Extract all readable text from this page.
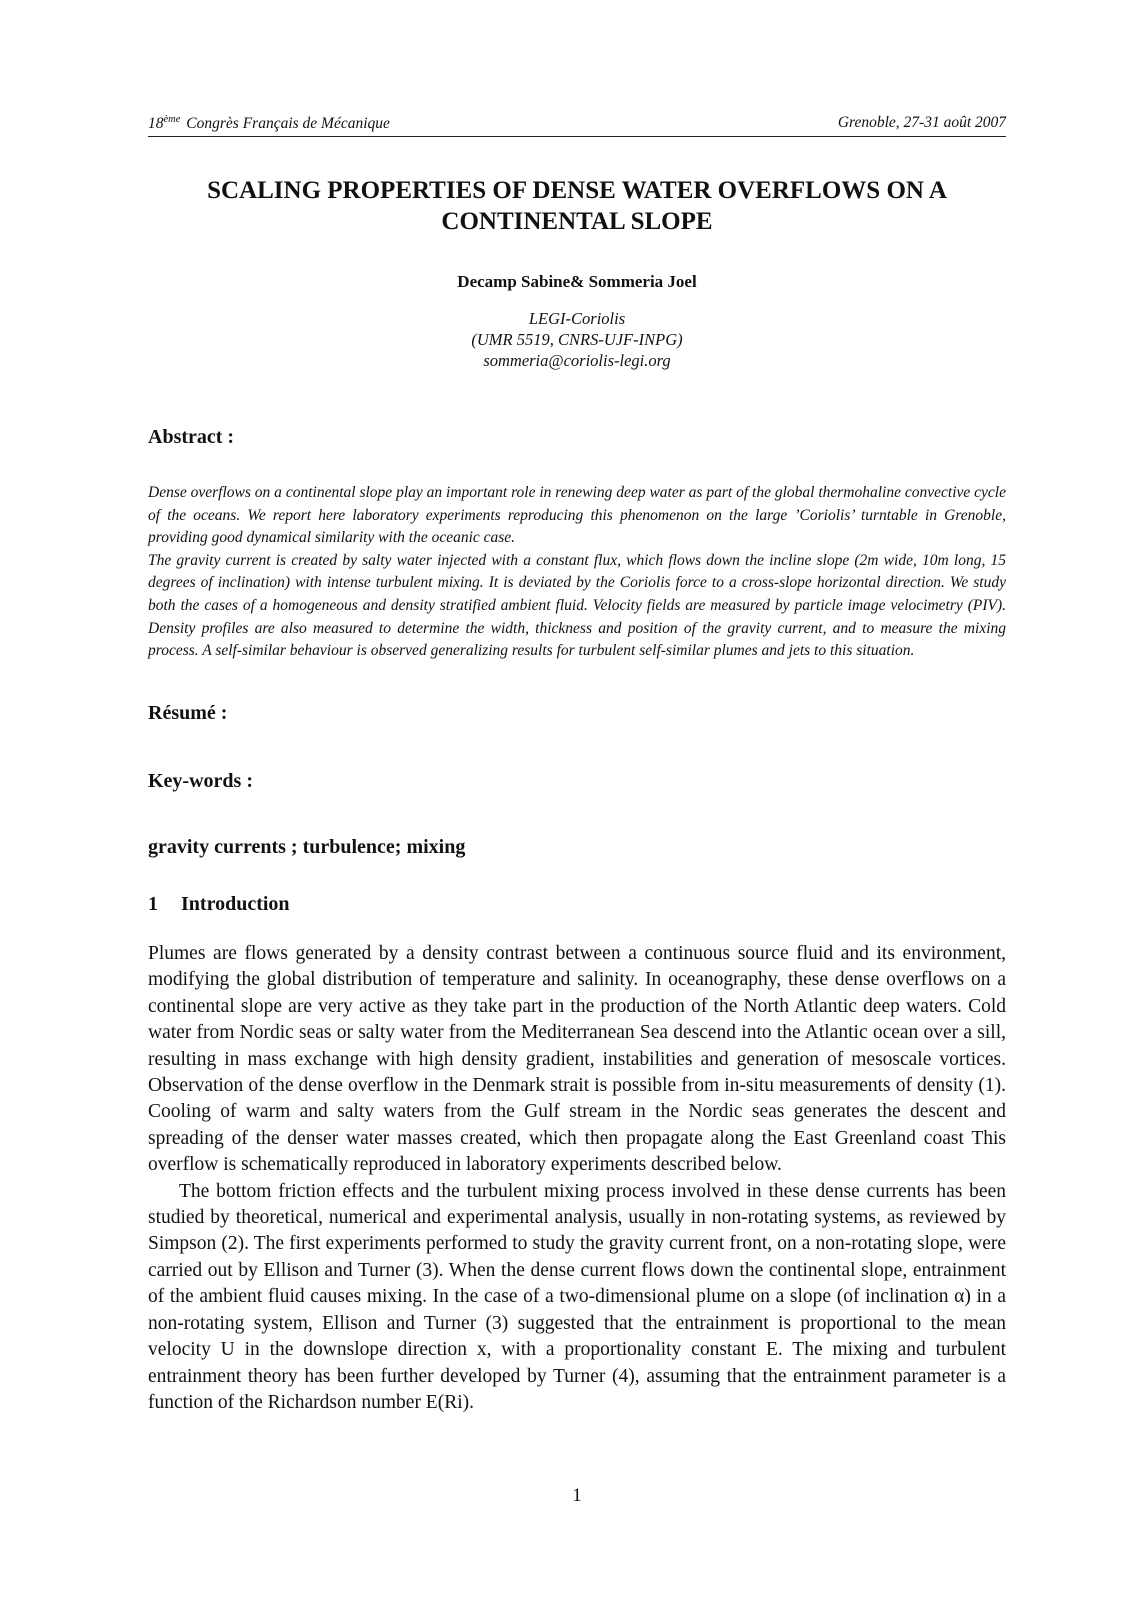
18ème Congrès Français de Mécanique	Grenoble, 27-31 août 2007
SCALING PROPERTIES OF DENSE WATER OVERFLOWS ON A
CONTINENTAL SLOPE
Decamp Sabine& Sommeria Joel
LEGI-Coriolis
(UMR 5519, CNRS-UJF-INPG)
sommeria@coriolis-legi.org
Abstract :

Dense overflows on a continental slope play an important role in renewing deep water as part of the global thermohaline convective cycle of the oceans. We report here laboratory experiments reproducing this phenomenon on the large ’Coriolis’ turntable in Grenoble, providing good dynamical similarity with the oceanic case.

The gravity current is created by salty water injected with a constant flux, which flows down the incline slope (2m wide, 10m long, 15 degrees of inclination) with intense turbulent mixing. It is deviated by the Coriolis force to a cross-slope horizontal direction. We study both the cases of a homogeneous and density stratified ambient fluid. Velocity fields are measured by particle image velocimetry (PIV). Density profiles are also measured to determine the width, thickness and position of the gravity current, and to measure the mixing process. A self-similar behaviour is observed generalizing results for turbulent self-similar plumes and jets to this situation.

Résumé :
Key-words :
gravity currents ; turbulence; mixing
1 Introduction

Plumes are flows generated by a density contrast between a continuous source fluid and its environment, modifying the global distribution of temperature and salinity. In oceanography, these dense overflows on a continental slope are very active as they take part in the production of the North Atlantic deep waters. Cold water from Nordic seas or salty water from the Mediterranean Sea descend into the Atlantic ocean over a sill, resulting in mass exchange with high density gradient, instabilities and generation of mesoscale vortices. Observation of the dense overflow in the Denmark strait is possible from in-situ measurements of density (1). Cooling of warm and salty waters from the Gulf stream in the Nordic seas generates the descent and spreading of the denser water masses created, which then propagate along the East Greenland coast This overflow is schematically reproduced in laboratory experiments described below.

The bottom friction effects and the turbulent mixing process involved in these dense currents has been studied by theoretical, numerical and experimental analysis, usually in non-rotating systems, as reviewed by Simpson (2). The first experiments performed to study the gravity current front, on a non-rotating slope, were carried out by Ellison and Turner (3). When the dense current flows down the continental slope, entrainment of the ambient fluid causes mixing. In the case of a two-dimensional plume on a slope (of inclination α) in a non-rotating system, Ellison and Turner (3) suggested that the entrainment is proportional to the mean velocity U in the downslope direction x, with a proportionality constant E. The mixing and turbulent entrainment theory has been further developed by Turner (4), assuming that the entrainment parameter is a function of the Richardson number E(Ri).

1
